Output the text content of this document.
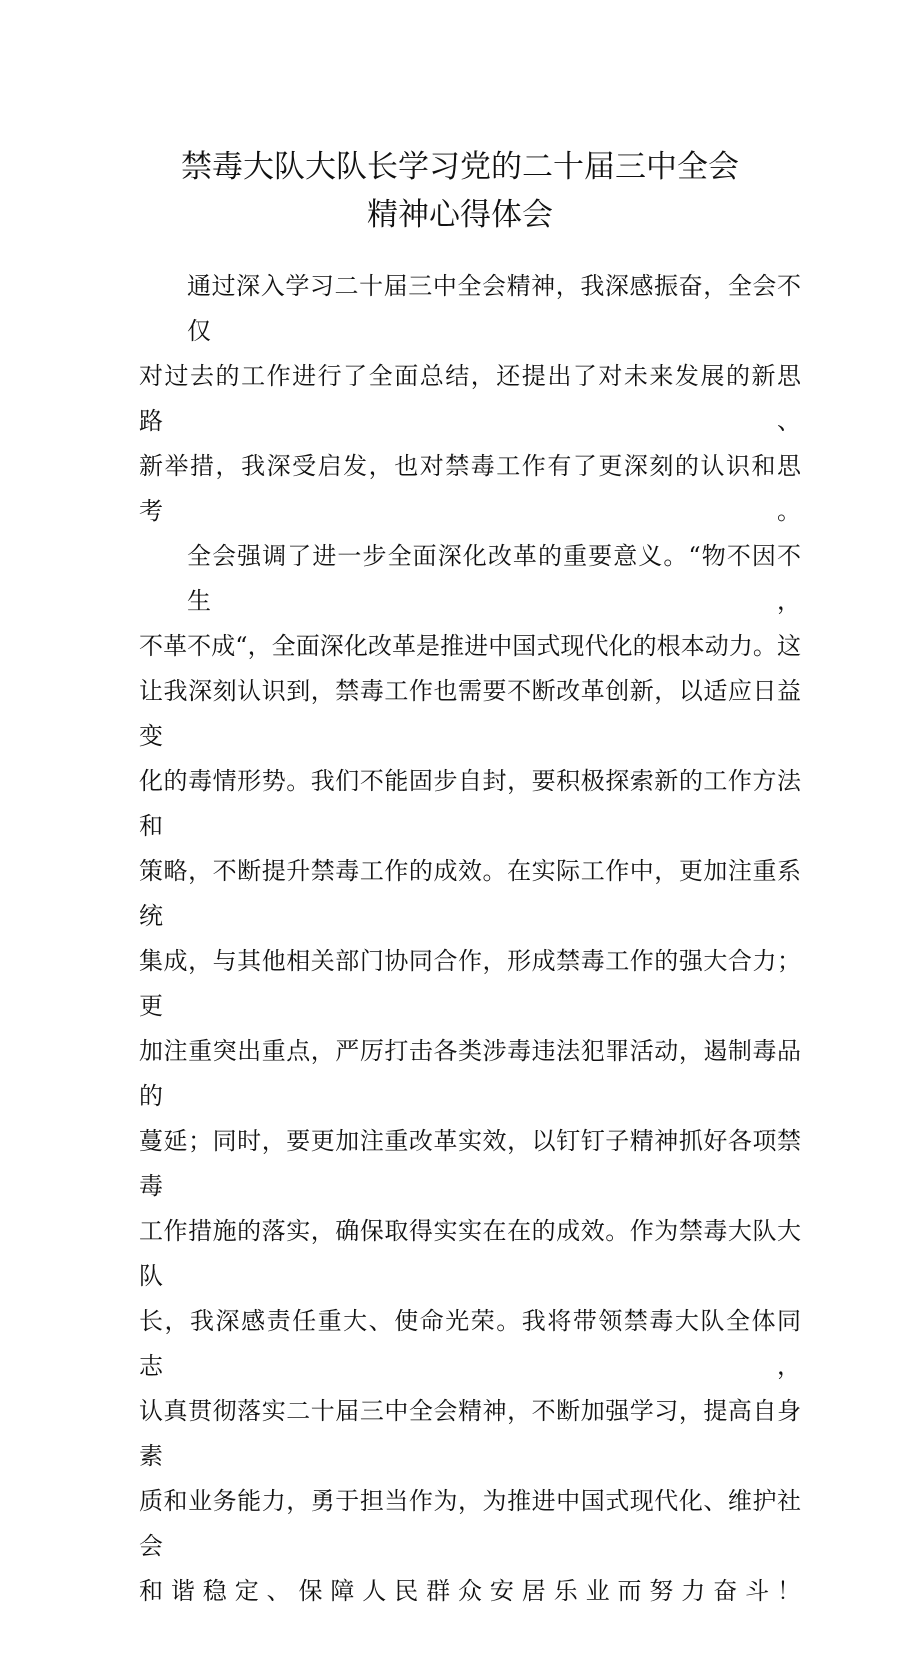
禁毒大队大队长学习党的二十届三中全会
精神心得体会
通过深入学习二十届三中全会精神，我深感振奋，全会不仅
对过去的工作进行了全面总结，还提出了对未来发展的新思路、
新举措，我深受启发，也对禁毒工作有了更深刻的认识和思考。
全会强调了进一步全面深化改革的重要意义。“物不因不生，
不革不成“，全面深化改革是推进中国式现代化的根本动力。这
让我深刻认识到，禁毒工作也需要不断改革创新，以适应日益变
化的毒情形势。我们不能固步自封，要积极探索新的工作方法和
策略，不断提升禁毒工作的成效。在实际工作中，更加注重系统
集成，与其他相关部门协同合作，形成禁毒工作的强大合力；更
加注重突出重点，严厉打击各类涉毒违法犯罪活动，遏制毒品的
蔓延；同时，要更加注重改革实效，以钉钉子精神抓好各项禁毒
工作措施的落实，确保取得实实在在的成效。作为禁毒大队大队
长，我深感责任重大、使命光荣。我将带领禁毒大队全体同志，
认真贯彻落实二十届三中全会精神，不断加强学习，提高自身素
质和业务能力，勇于担当作为，为推进中国式现代化、维护社会
和谐稳定、保障人民群众安居乐业而努力奋斗！
